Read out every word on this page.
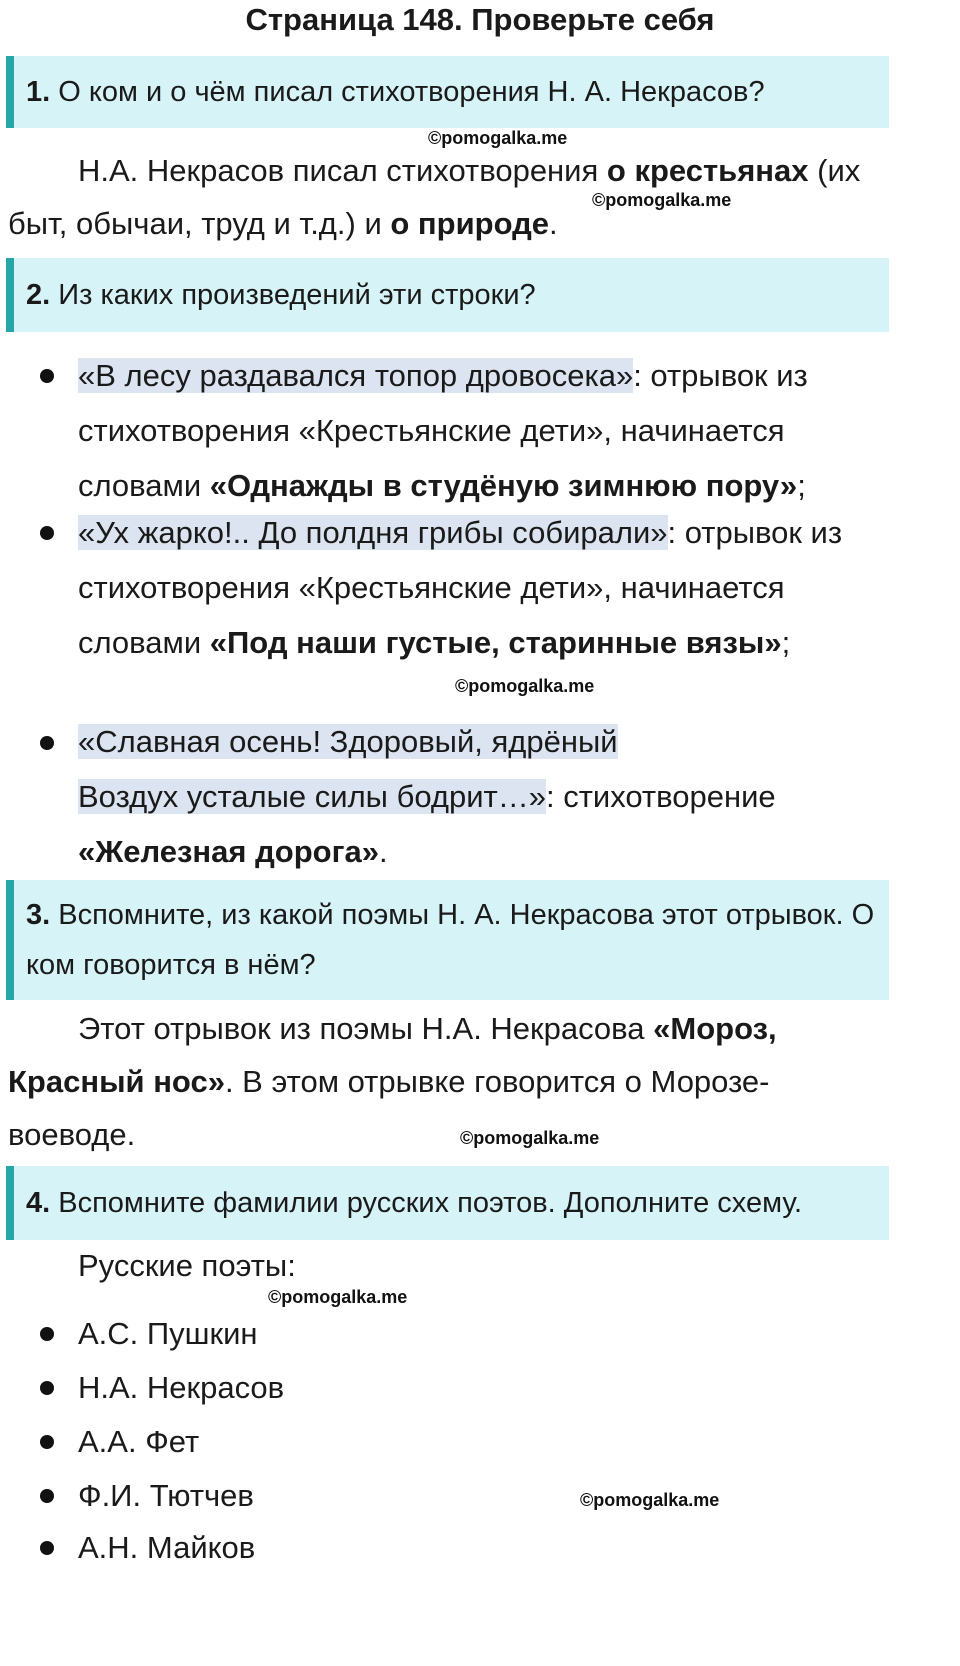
Страница 148. Проверьте себя
1. О ком и о чём писал стихотворения Н. А. Некрасов?
©pomogalka.me
Н.А. Некрасов писал стихотворения о крестьянах (их быт, обычаи, труд и т.д.) и о природе.
©pomogalka.me
2. Из каких произведений эти строки?
«В лесу раздавался топор дровосека»: отрывок из стихотворения «Крестьянские дети», начинается словами «Однажды в студёную зимнюю пору»;
«Ух жарко!.. До полдня грибы собирали»: отрывок из стихотворения «Крестьянские дети», начинается словами «Под наши густые, старинные вязы»;
©pomogalka.me
«Славная осень! Здоровый, ядрёный
Воздух усталые силы бодрит…»: стихотворение «Железная дорога».
3. Вспомните, из какой поэмы Н. А. Некрасова этот отрывок. О ком говорится в нём?
Этот отрывок из поэмы Н.А. Некрасова «Мороз, Красный нос». В этом отрывке говорится о Морозе-воеводе.	©pomogalka.me
4. Вспомните фамилии русских поэтов. Дополните схему.
Русские поэты:
©pomogalka.me
А.С. Пушкин
Н.А. Некрасов
А.А. Фет
Ф.И. Тютчев	©pomogalka.me
А.Н. Майков
